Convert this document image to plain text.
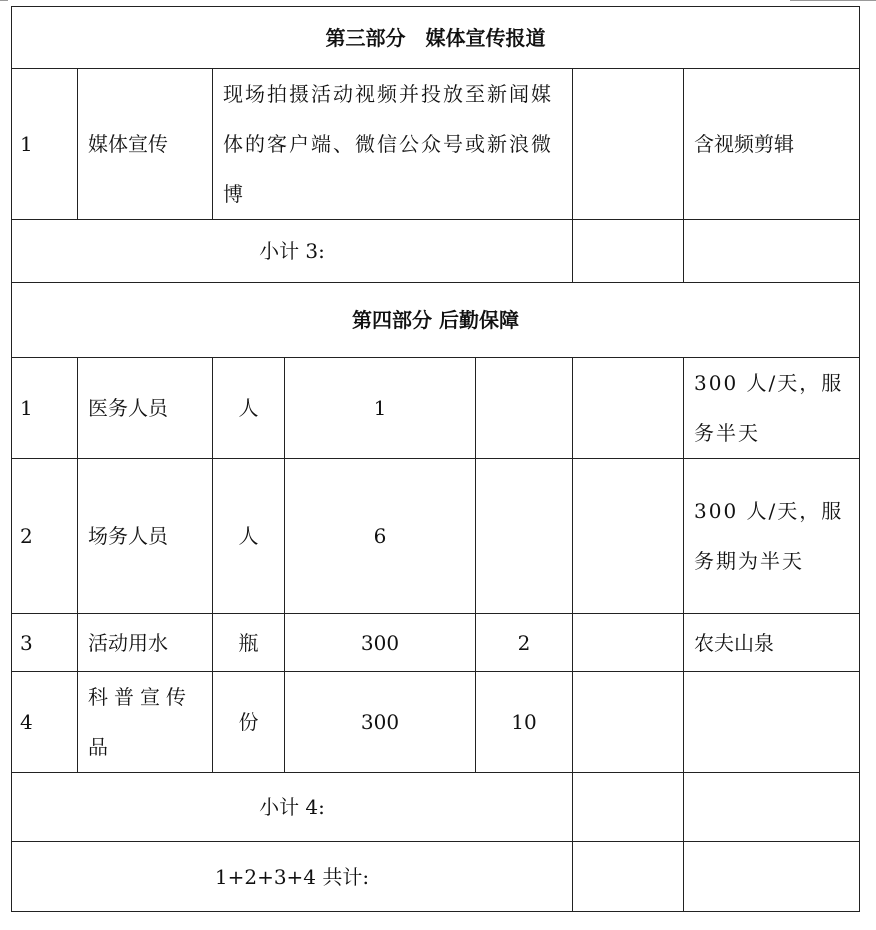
第三部分　媒体宣传报道						
1	媒体宣传	现场拍摄活动视频并投放至新闻媒体的客户端、微信公众号或新浪微博				含视频剪辑
小计 3:						
第四部分 后勤保障						
1	医务人员	人	1			300 人/天，服务半天
2	场务人员	人	6			300 人/天，服务期为半天
3	活动用水	瓶	300	2		农夫山泉
4	科普宣传品	份	300	10		
小计 4:						
1+2+3+4 共计:						
